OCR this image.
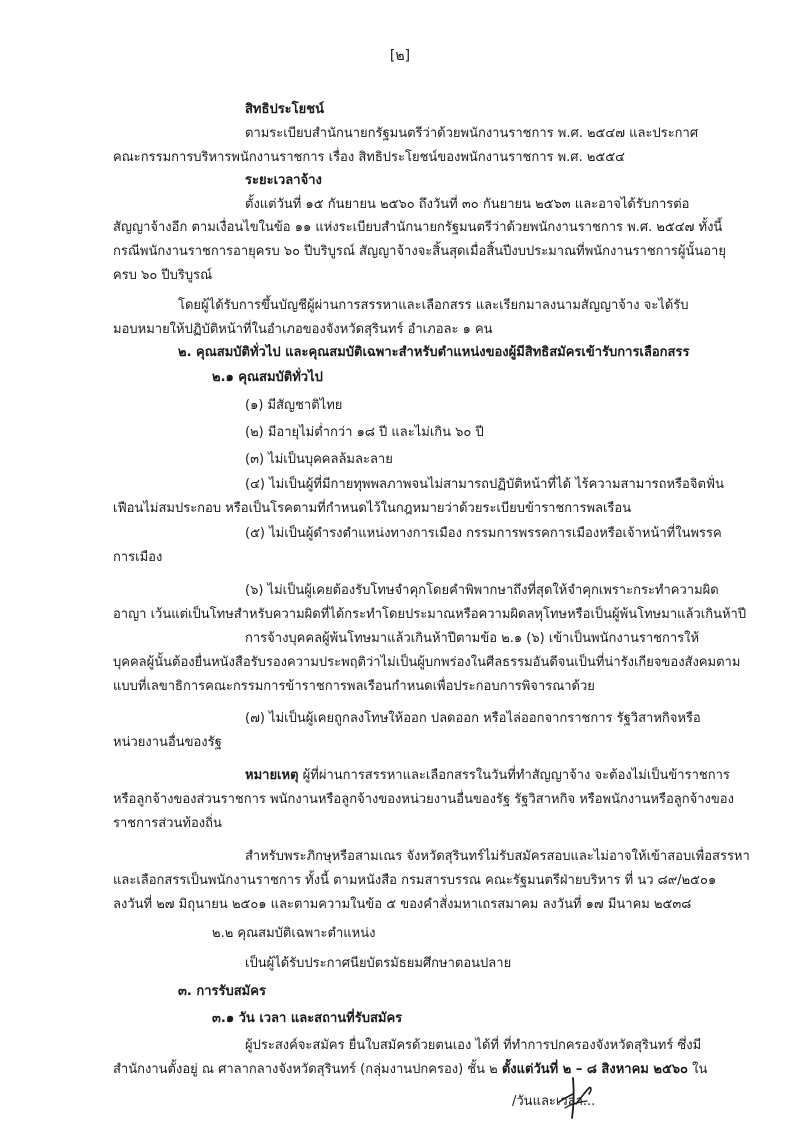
[๒]
สิทธิประโยชน์
ตามระเบียบสำนักนายกรัฐมนตรีว่าด้วยพนักงานราชการ พ.ศ. ๒๕๔๗ และประกาศ
คณะกรรมการบริหารพนักงานราชการ เรื่อง สิทธิประโยชน์ของพนักงานราชการ พ.ศ. ๒๕๕๔
ระยะเวลาจ้าง
ตั้งแต่วันที่ ๑๕ กันยายน ๒๕๖๐ ถึงวันที่ ๓๐ กันยายน ๒๕๖๓ และอาจได้รับการต่อ
สัญญาจ้างอีก ตามเงื่อนไขในข้อ ๑๑ แห่งระเบียบสำนักนายกรัฐมนตรีว่าด้วยพนักงานราชการ พ.ศ. ๒๕๔๗ ทั้งนี้
กรณีพนักงานราชการอายุครบ ๖๐ ปีบริบูรณ์ สัญญาจ้างจะสิ้นสุดเมื่อสิ้นปีงบประมาณที่พนักงานราชการผู้นั้นอายุ
ครบ ๖๐ ปีบริบูรณ์
โดยผู้ได้รับการขึ้นบัญชีผู้ผ่านการสรรหาและเลือกสรร และเรียกมาลงนามสัญญาจ้าง จะได้รับ
มอบหมายให้ปฏิบัติหน้าที่ในอำเภอของจังหวัดสุรินทร์ อำเภอละ ๑ คน
๒. คุณสมบัติทั่วไป และคุณสมบัติเฉพาะสำหรับตำแหน่งของผู้มีสิทธิสมัครเข้ารับการเลือกสรร
๒.๑ คุณสมบัติทั่วไป
(๑) มีสัญชาติไทย
(๒) มีอายุไม่ต่ำกว่า ๑๘ ปี และไม่เกิน ๖๐ ปี
(๓) ไม่เป็นบุคคลล้มละลาย
(๔) ไม่เป็นผู้ที่มีกายทุพพลภาพจนไม่สามารถปฏิบัติหน้าที่ได้ ไร้ความสามารถหรือจิตฟั่น
เฟือนไม่สมประกอบ หรือเป็นโรคตามที่กำหนดไว้ในกฎหมายว่าด้วยระเบียบข้าราชการพลเรือน
(๕) ไม่เป็นผู้ดำรงตำแหน่งทางการเมือง กรรมการพรรคการเมืองหรือเจ้าหน้าที่ในพรรค
การเมือง
(๖) ไม่เป็นผู้เคยต้องรับโทษจำคุกโดยคำพิพากษาถึงที่สุดให้จำคุกเพราะกระทำความผิด
อาญา เว้นแต่เป็นโทษสำหรับความผิดที่ได้กระทำโดยประมาณหรือความผิดลหุโทษหรือเป็นผู้พ้นโทษมาแล้วเกินห้าปี
การจ้างบุคคลผู้พ้นโทษมาแล้วเกินห้าปีตามข้อ ๒.๑ (๖) เข้าเป็นพนักงานราชการให้
บุคคลผู้นั้นต้องยื่นหนังสือรับรองความประพฤติว่าไม่เป็นผู้บกพร่องในศีลธรรมอันดีจนเป็นที่น่ารังเกียจของสังคมตาม
แบบที่เลขาธิการคณะกรรมการข้าราชการพลเรือนกำหนดเพื่อประกอบการพิจารณาด้วย
(๗) ไม่เป็นผู้เคยถูกลงโทษให้ออก ปลดออก หรือไล่ออกจากราชการ รัฐวิสาหกิจหรือ
หน่วยงานอื่นของรัฐ
หมายเหตุ ผู้ที่ผ่านการสรรหาและเลือกสรรในวันที่ทำสัญญาจ้าง จะต้องไม่เป็นข้าราชการ
หรือลูกจ้างของส่วนราชการ พนักงานหรือลูกจ้างของหน่วยงานอื่นของรัฐ รัฐวิสาหกิจ หรือพนักงานหรือลูกจ้างของ
ราชการส่วนท้องถิ่น
สำหรับพระภิกษุหรือสามเณร จังหวัดสุรินทร์ไม่รับสมัครสอบและไม่อาจให้เข้าสอบเพื่อสรรหา
และเลือกสรรเป็นพนักงานราชการ ทั้งนี้ ตามหนังสือ กรมสารบรรณ คณะรัฐมนตรีฝ่ายบริหาร ที่ นว ๘๙/๒๕๐๑
ลงวันที่ ๒๗ มิถุนายน ๒๕๐๑ และตามความในข้อ ๕ ของคำสั่งมหาเถรสมาคม ลงวันที่ ๑๗ มีนาคม ๒๕๓๘
๒.๒ คุณสมบัติเฉพาะตำแหน่ง
เป็นผู้ได้รับประกาศนียบัตรมัธยมศึกษาตอนปลาย
๓. การรับสมัคร
๓.๑ วัน เวลา และสถานที่รับสมัคร
ผู้ประสงค์จะสมัคร ยื่นใบสมัครด้วยตนเอง ได้ที่ ที่ทำการปกครองจังหวัดสุรินทร์ ซึ่งมี
สำนักงานตั้งอยู่ ณ ศาลากลางจังหวัดสุรินทร์ (กลุ่มงานปกครอง) ชั้น ๒ ตั้งแต่วันที่ ๒ – ๘ สิงหาคม ๒๕๖๐ ใน
/วันและเวลา...
